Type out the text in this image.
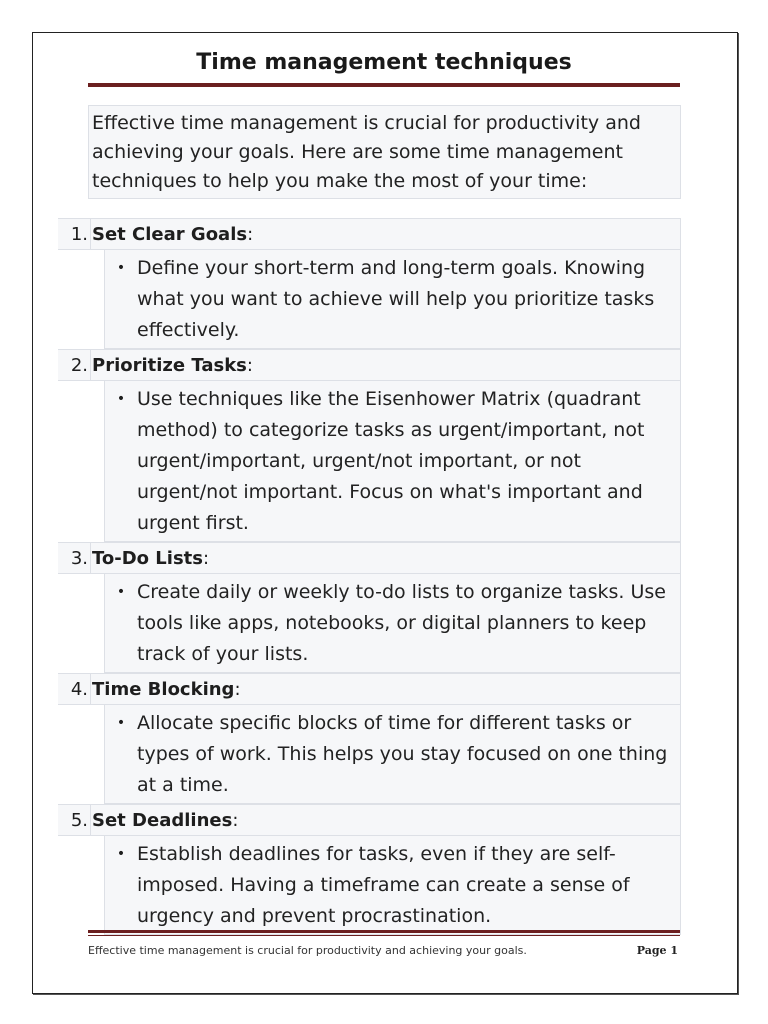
Time management techniques
Effective time management is crucial for productivity and achieving your goals. Here are some time management techniques to help you make the most of your time:
1. Set Clear Goals:
• Define your short-term and long-term goals. Knowing what you want to achieve will help you prioritize tasks effectively.
2. Prioritize Tasks:
• Use techniques like the Eisenhower Matrix (quadrant method) to categorize tasks as urgent/important, not urgent/important, urgent/not important, or not urgent/not important. Focus on what's important and urgent first.
3. To-Do Lists:
• Create daily or weekly to-do lists to organize tasks. Use tools like apps, notebooks, or digital planners to keep track of your lists.
4. Time Blocking:
• Allocate specific blocks of time for different tasks or types of work. This helps you stay focused on one thing at a time.
5. Set Deadlines:
• Establish deadlines for tasks, even if they are self-imposed. Having a timeframe can create a sense of urgency and prevent procrastination.
Effective time management is crucial for productivity and achieving your goals.	Page 1
